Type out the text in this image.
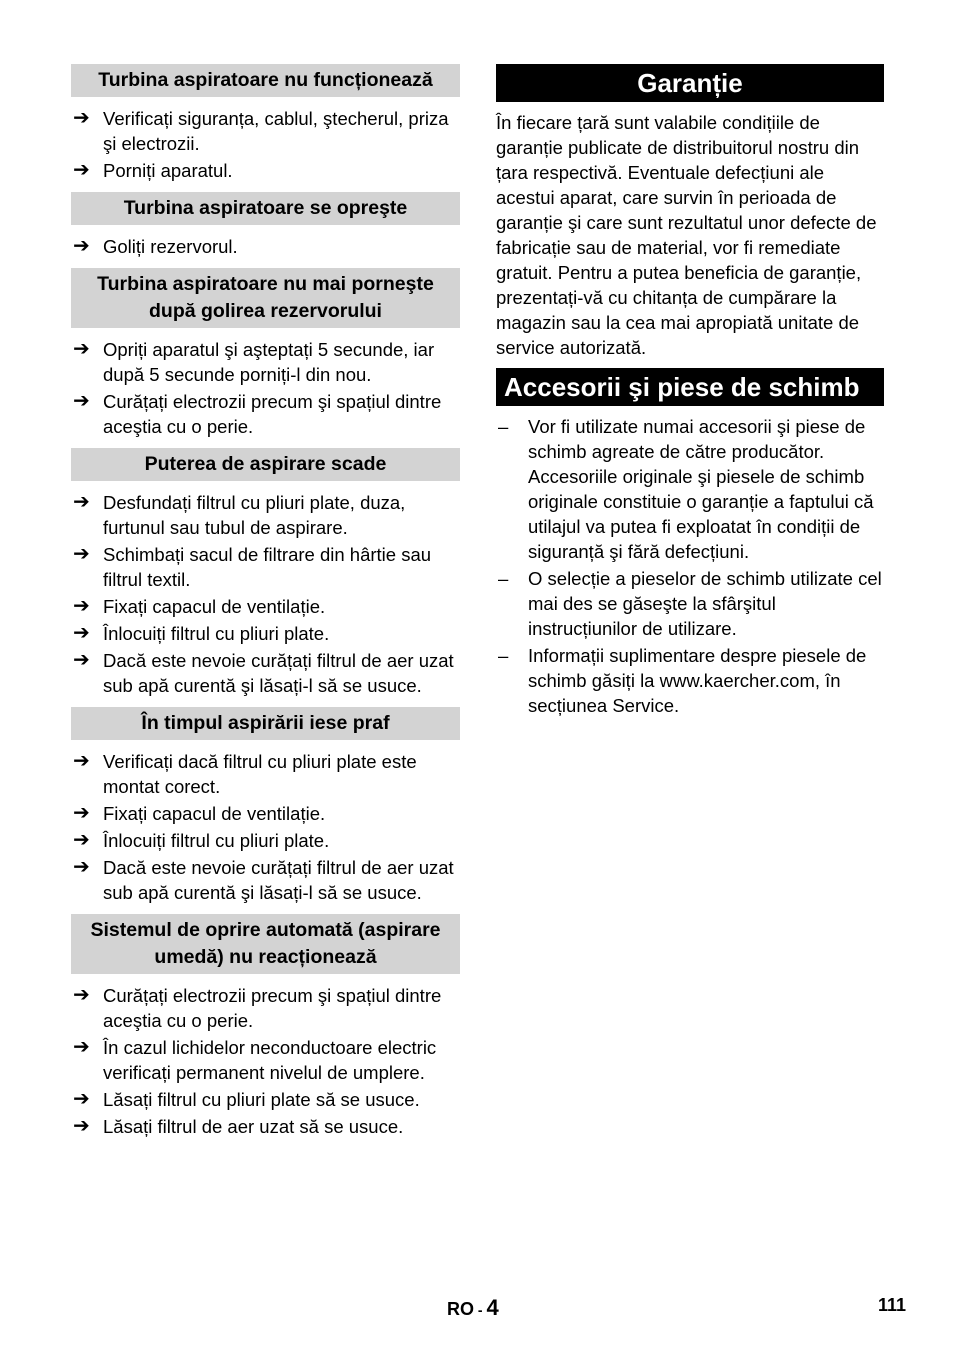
Turbina aspiratoare nu funcționează
➔ Verificați siguranța, cablul, ştecherul, priza şi electrozii.
➔ Porniți aparatul.
Turbina aspiratoare se opreşte
➔ Goliți rezervorul.
Turbina aspiratoare nu mai porneşte după golirea rezervorului
➔ Opriți aparatul şi aşteptați 5 secunde, iar după 5 secunde porniți-l din nou.
➔ Curățați electrozii precum şi spațiul dintre aceştia cu o perie.
Puterea de aspirare scade
➔ Desfundați filtrul cu pliuri plate, duza, furtunul sau tubul de aspirare.
➔ Schimbați sacul de filtrare din hârtie sau filtrul textil.
➔ Fixați capacul de ventilație.
➔ Înlocuiți filtrul cu pliuri plate.
➔ Dacă este nevoie curățați filtrul de aer uzat sub apă curentă şi lăsați-l să se usuce.
În timpul aspirării iese praf
➔ Verificați dacă filtrul cu pliuri plate este montat corect.
➔ Fixați capacul de ventilație.
➔ Înlocuiți filtrul cu pliuri plate.
➔ Dacă este nevoie curățați filtrul de aer uzat sub apă curentă şi lăsați-l să se usuce.
Sistemul de oprire automată (aspirare umedă) nu reacționează
➔ Curățați electrozii precum şi spațiul dintre aceştia cu o perie.
➔ În cazul lichidelor neconductoare electric verificați permanent nivelul de umplere.
➔ Lăsați filtrul cu pliuri plate să se usuce.
➔ Lăsați filtrul de aer uzat să se usuce.
Garanție

În fiecare țară sunt valabile condițiile de garanție publicate de distribuitorul nostru din țara respectivă. Eventuale defecțiuni ale acestui aparat, care survin în perioada de garanție şi care sunt rezultatul unor defecte de fabricație sau de material, vor fi remediate gratuit. Pentru a putea beneficia de garanție, prezentați-vă cu chitanța de cumpărare la magazin sau la cea mai apropiată unitate de service autorizată.

Accesorii şi piese de schimb
– Vor fi utilizate numai accesorii şi piese de schimb agreate de către producător. Accesoriile originale şi piesele de schimb originale constituie o garanție a faptului că utilajul va putea fi exploatat în condiții de siguranță şi fără defecțiuni.
– O selecție a pieselor de schimb utilizate cel mai des se găseşte la sfârşitul instrucțiunilor de utilizare.
– Informații suplimentare despre piesele de schimb găsiți la www.kaercher.com, în secțiunea Service.
RO - 4	111
